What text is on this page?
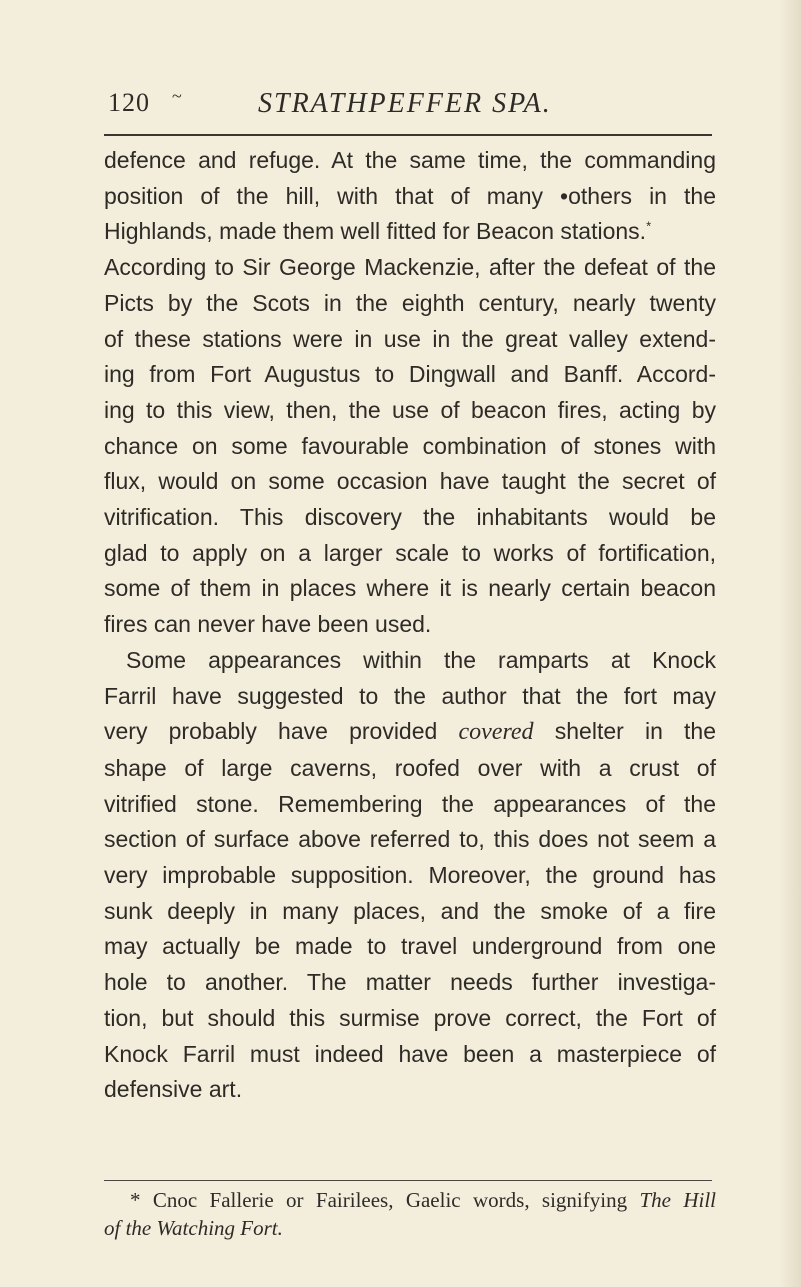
120 ~	STRATHPEFFER SPA.
defence and refuge. At the same time, the commanding
position of the hill, with that of many •others in the
Highlands, made them well fitted for Beacon stations.*
According to Sir George Mackenzie, after the defeat of the
Picts by the Scots in the eighth century, nearly twenty
of these stations were in use in the great valley extend-
ing from Fort Augustus to Dingwall and Banff. Accord-
ing to this view, then, the use of beacon fires, acting by
chance on some favourable combination of stones with
flux, would on some occasion have taught the secret of
vitrification. This discovery the inhabitants would be
glad to apply on a larger scale to works of fortification,
some of them in places where it is nearly certain beacon
fires can never have been used.
Some appearances within the ramparts at Knock
Farril have suggested to the author that the fort may
very probably have provided covered shelter in the
shape of large caverns, roofed over with a crust of
vitrified stone. Remembering the appearances of the
section of surface above referred to, this does not seem a
very improbable supposition. Moreover, the ground has
sunk deeply in many places, and the smoke of a fire
may actually be made to travel underground from one
hole to another. The matter needs further investiga-
tion, but should this surmise prove correct, the Fort of
Knock Farril must indeed have been a masterpiece of
defensive art.
* Cnoc Fallerie or Fairilees, Gaelic words, signifying The Hill
of the Watching Fort.
